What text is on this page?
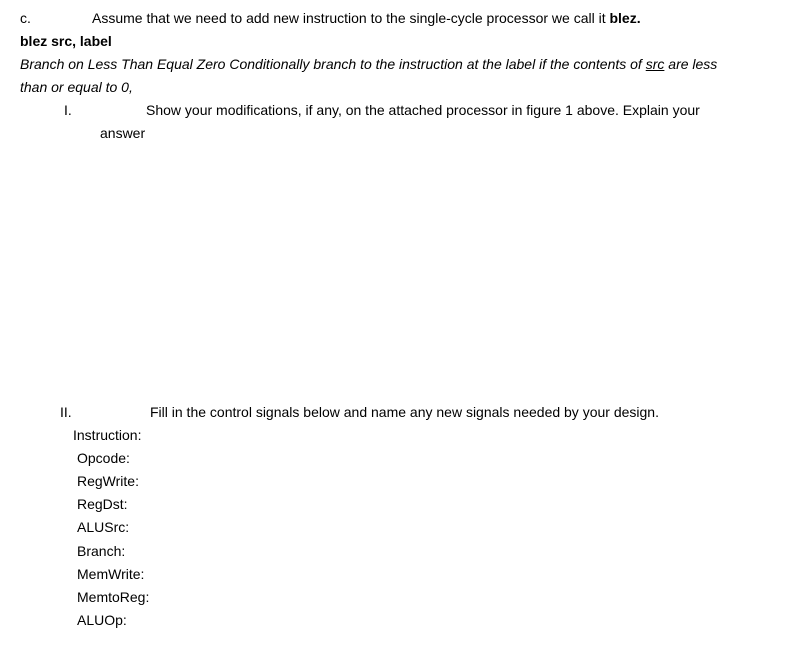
c.	Assume that we need to add new instruction to the single-cycle processor we call it blez.
blez src, label
Branch on Less Than Equal Zero Conditionally branch to the instruction at the label if the contents of src are less
than or equal to 0,
I.	Show your modifications, if any, on the attached processor in figure 1 above. Explain your
answer
II.	Fill in the control signals below and name any new signals needed by your design.
Instruction:
Opcode:
RegWrite:
RegDst:
ALUSrc:
Branch:
MemWrite:
MemtoReg:
ALUOp:
